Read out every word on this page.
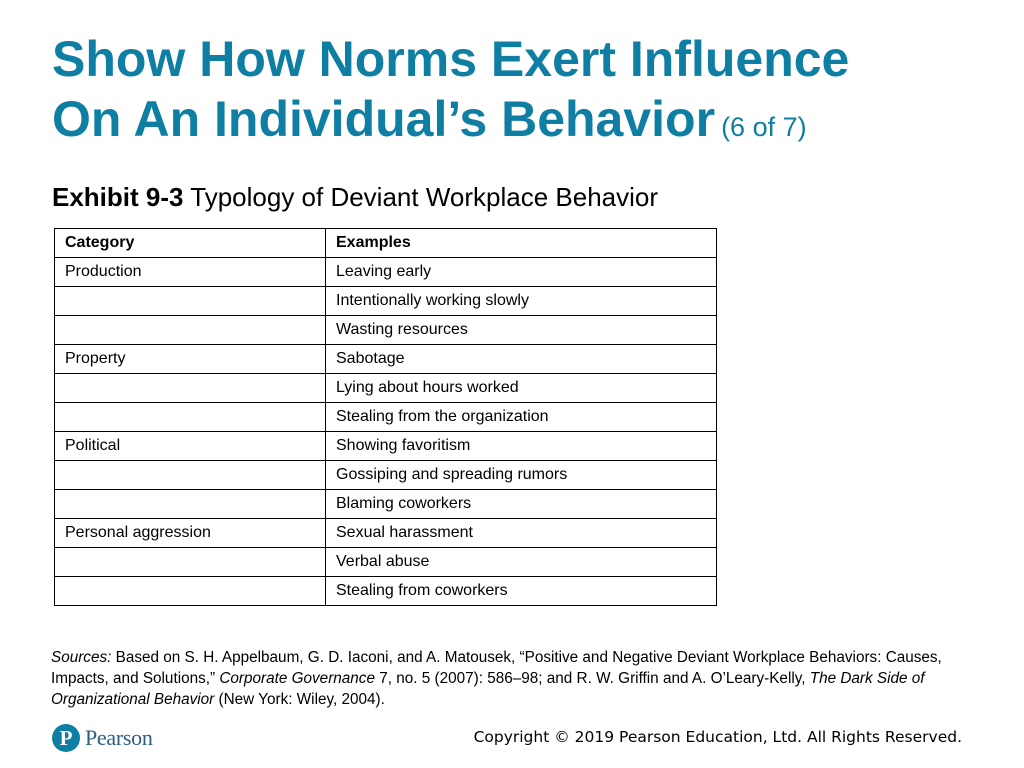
Show How Norms Exert Influence
On An Individual’s Behavior (6 of 7)

Exhibit 9-3 Typology of Deviant Workplace Behavior

Category	Examples
Production	Leaving early
	Intentionally working slowly
	Wasting resources
Property	Sabotage
	Lying about hours worked
	Stealing from the organization
Political	Showing favoritism
	Gossiping and spreading rumors
	Blaming coworkers
Personal aggression	Sexual harassment
	Verbal abuse
	Stealing from coworkers

Sources: Based on S. H. Appelbaum, G. D. Iaconi, and A. Matousek, “Positive and Negative Deviant Workplace Behaviors: Causes, Impacts, and Solutions,” Corporate Governance 7, no. 5 (2007): 586–98; and R. W. Griffin and A. O’Leary-Kelly, The Dark Side of Organizational Behavior (New York: Wiley, 2004).

P Pearson	Copyright © 2019 Pearson Education, Ltd. All Rights Reserved.
